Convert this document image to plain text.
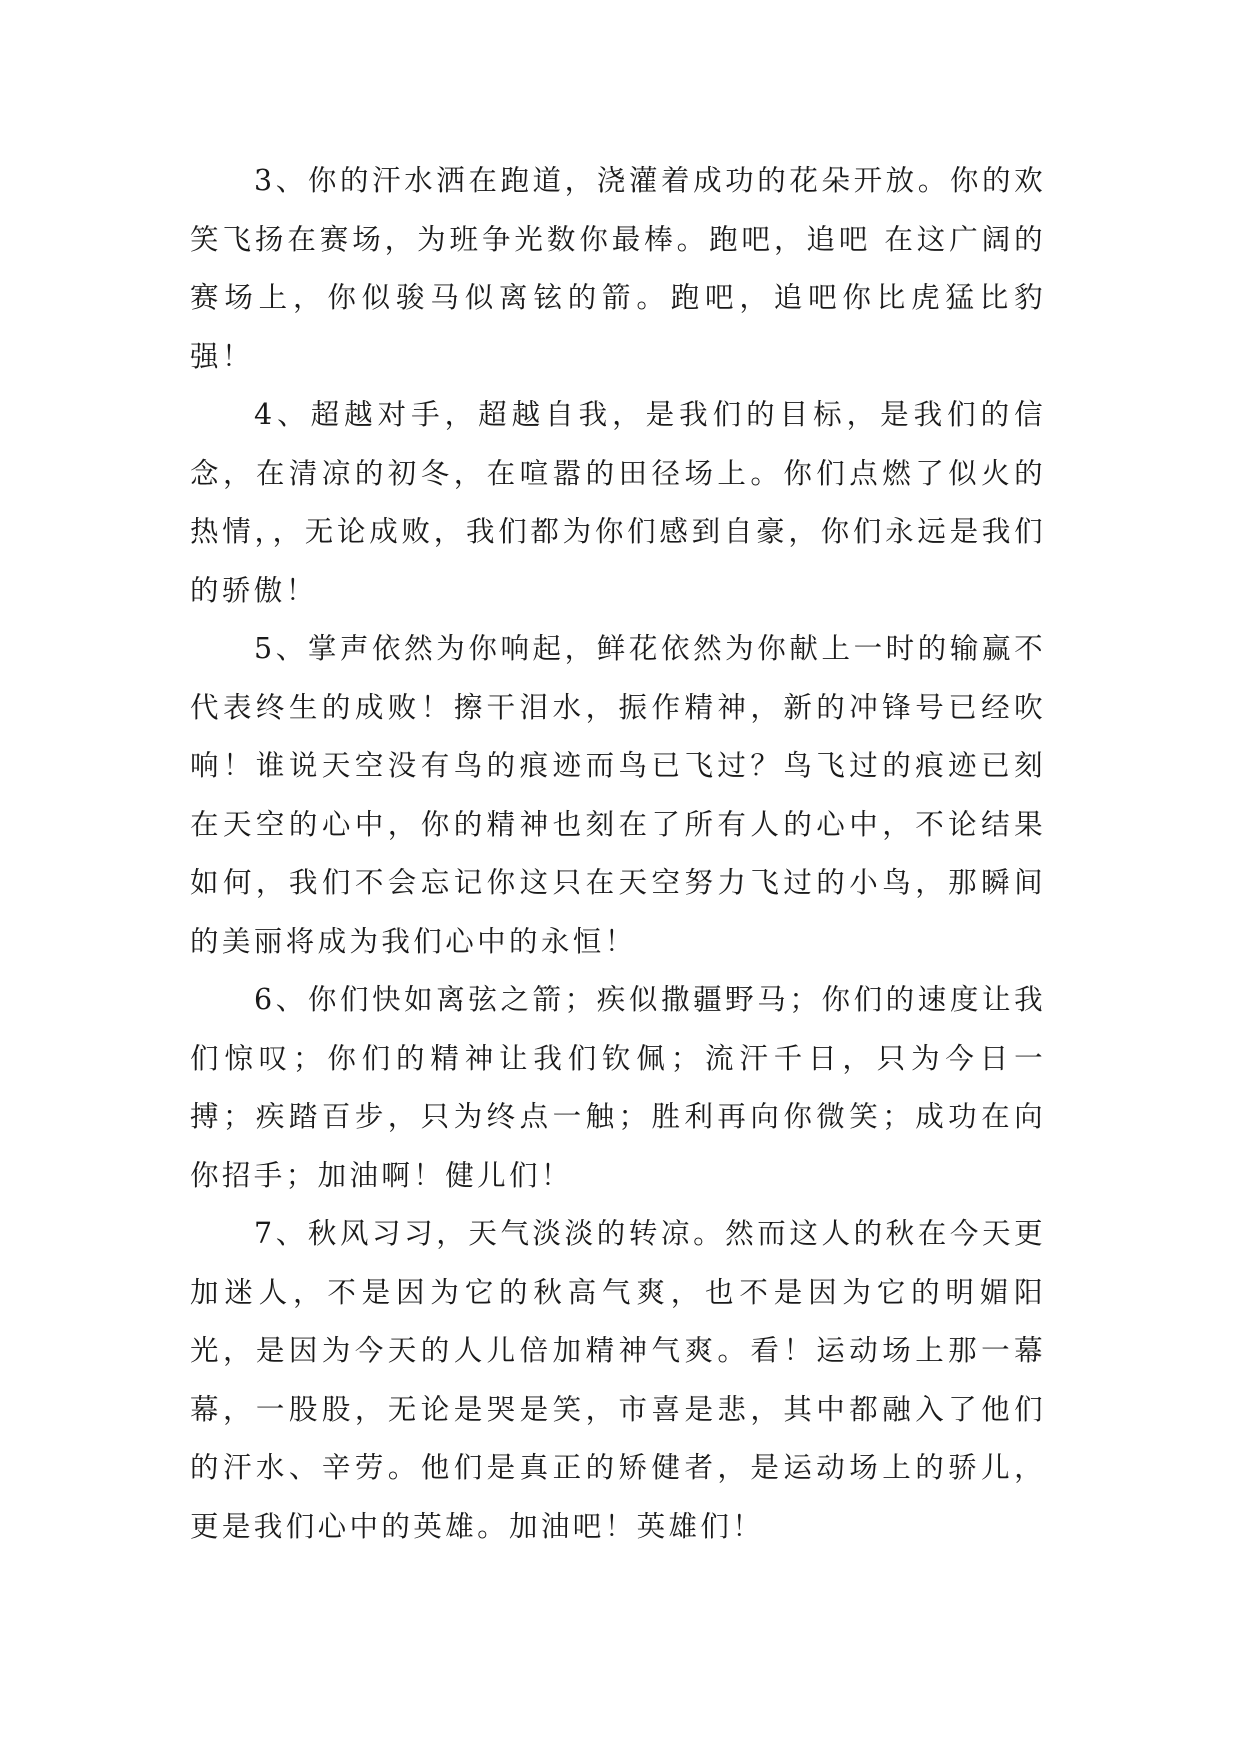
3、你的汗水洒在跑道，浇灌着成功的花朵开放。你的欢笑飞扬在赛场，为班争光数你最棒。跑吧，追吧 在这广阔的赛场上，你似骏马似离铉的箭。跑吧，追吧你比虎猛比豹强！

4、超越对手，超越自我，是我们的目标，是我们的信念，在清凉的初冬，在喧嚣的田径场上。你们点燃了似火的热情，，无论成败，我们都为你们感到自豪，你们永远是我们的骄傲！

5、掌声依然为你响起，鲜花依然为你献上一时的输赢不代表终生的成败！擦干泪水，振作精神，新的冲锋号已经吹响！谁说天空没有鸟的痕迹而鸟已飞过？鸟飞过的痕迹已刻在天空的心中，你的精神也刻在了所有人的心中，不论结果如何，我们不会忘记你这只在天空努力飞过的小鸟，那瞬间的美丽将成为我们心中的永恒！

6、你们快如离弦之箭；疾似撒疆野马；你们的速度让我们惊叹；你们的精神让我们钦佩；流汗千日，只为今日一搏；疾踏百步，只为终点一触；胜利再向你微笑；成功在向你招手；加油啊！健儿们！

7、秋风习习，天气淡淡的转凉。然而这人的秋在今天更加迷人，不是因为它的秋高气爽，也不是因为它的明媚阳光，是因为今天的人儿倍加精神气爽。看！运动场上那一幕幕，一股股，无论是哭是笑，市喜是悲，其中都融入了他们的汗水、辛劳。他们是真正的矫健者，是运动场上的骄儿，更是我们心中的英雄。加油吧！英雄们！
